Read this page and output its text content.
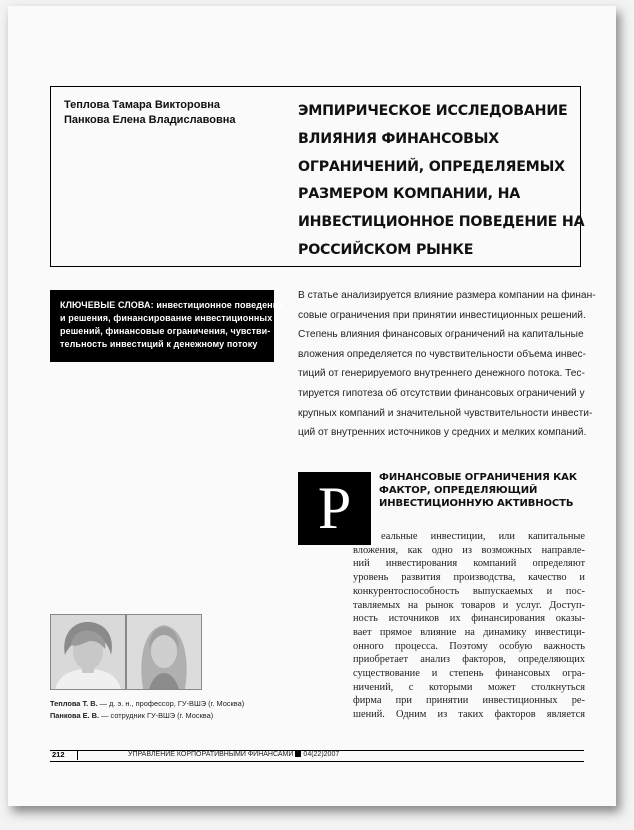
Теплова Тамара Викторовна
Панкова Елена Владиславовна
ЭМПИРИЧЕСКОЕ ИССЛЕДОВАНИЕ
ВЛИЯНИЯ ФИНАНСОВЫХ
ОГРАНИЧЕНИЙ, ОПРЕДЕЛЯЕМЫХ
РАЗМЕРОМ КОМПАНИИ, НА
ИНВЕСТИЦИОННОЕ ПОВЕДЕНИЕ НА
РОССИЙСКОМ РЫНКЕ
КЛЮЧЕВЫЕ СЛОВА: инвестиционное поведение
и решения, финансирование инвестиционных
решений, финансовые ограничения, чувстви-
тельность инвестиций к денежному потоку
В статье анализируется влияние размера компании на финан-
совые ограничения при принятии инвестиционных решений.
Степень влияния финансовых ограничений на капитальные
вложения определяется по чувствительности объема инвес-
тиций от генерируемого внутреннего денежного потока. Тес-
тируется гипотеза об отсутствии финансовых ограничений у
крупных компаний и значительной чувствительности инвести-
ций от внутренних источников у средних и мелких компаний.
Р	ФИНАНСОВЫЕ ОГРАНИЧЕНИЯ КАК
ФАКТОР, ОПРЕДЕЛЯЮЩИЙ
ИНВЕСТИЦИОННУЮ АКТИВНОСТЬ
еальные инвестиции, или капитальные
вложения, как одно из возможных направле-
ний инвестирования компаний определяют
уровень развития производства, качество и
конкурентоспособность выпускаемых и пос-
тавляемых на рынок товаров и услуг. Доступ-
ность источников их финансирования оказы-
вает прямое влияние на динамику инвестици-
онного процесса. Поэтому особую важность
приобретает анализ факторов, определяющих
существование и степень финансовых огра-
ничений, с которыми может столкнуться
фирма при принятии инвестиционных ре-
шений. Одним из таких факторов является
Теплова Т. В. — д. э. н., профессор, ГУ-ВШЭ (г. Москва)
Панкова Е. В. — сотрудник ГУ-ВШЭ (г. Москва)
212	УПРАВЛЕНИЕ КОРПОРАТИВНЫМИ ФИНАНСАМИ 04(22)2007
